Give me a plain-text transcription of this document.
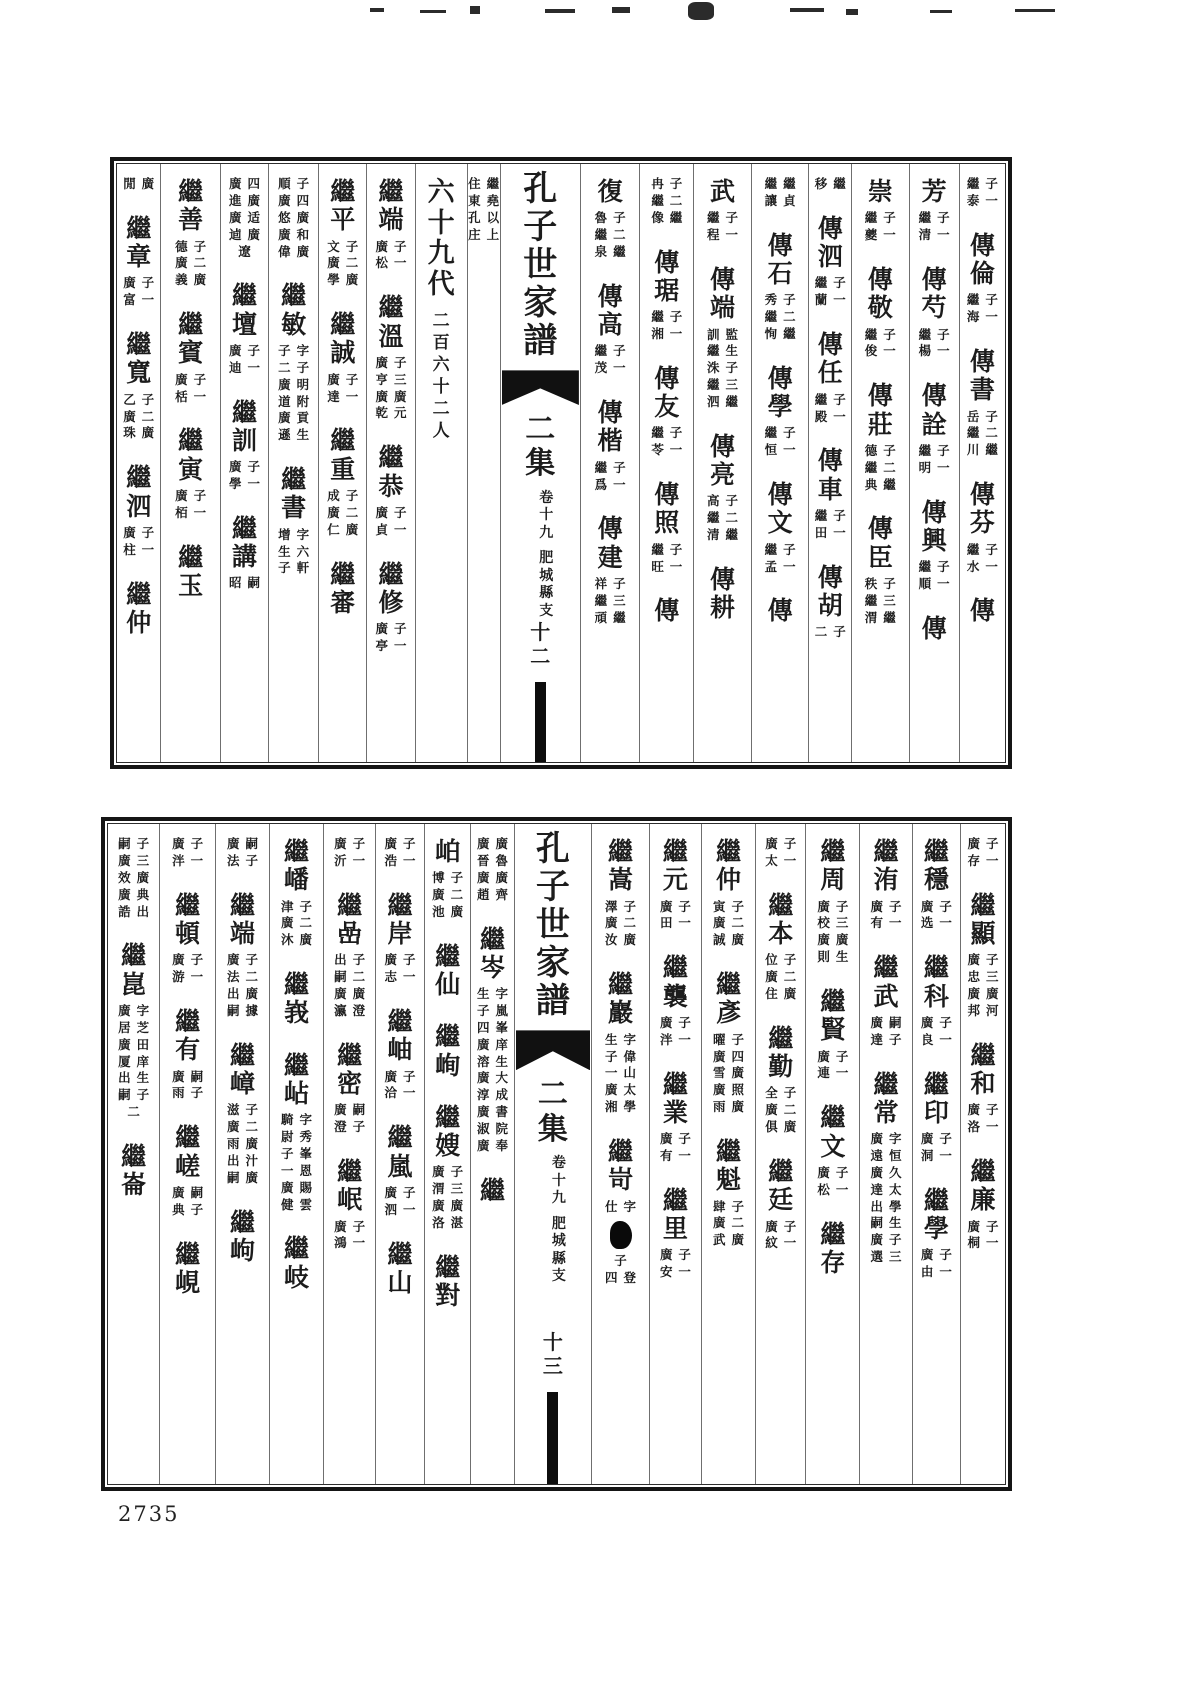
繼 子
泰 一
傳
倫
繼 子
海 一
傳
書
岳 子
繼 二
川 繼
傳
芬
繼 子
水 一
傳
芳
繼 子
清 一
傳
芍
繼 子
楊 一
傳
詮
繼 子
明 一
傳
興
繼 子
順 一
傳
崇
繼 子
夔 一
傳
敬
繼 子
俊 一
傳
莊
德 子
繼 二
典 繼
傳
臣
秩 子
繼 三
渭 繼
移 繼
傳
泗
繼 子
蘭 一
傳
任
繼 子
殿 一
傳
車
繼 子
田 一
傳
胡
二 子
繼 繼
讓 貞
傳
石
秀 子
繼 二
恂 繼
傳
學
繼 子
恒 一
傳
文
繼 子
孟 一
傳
武
繼 子
程 一
傳
端
訓 監
繼 生
洙 子
繼 三
泗 繼
傳
亮
高 子
繼 二
清 繼
傳
耕
冉 子
繼 二
像 繼
傳
琚
繼 子
湘 一
傳
友
繼 子
苓 一
傳
照
繼 子
旺 一
傳
復
魯 子
繼 二
泉 繼
傳
高
繼 子
茂 一
傳
楷
繼 子
爲 一
傳
建
祥 子
繼 三
頑 繼
孔
子
世
家
譜
二
集
卷
十
九
肥
城
縣
支
十
二
住 繼
東 堯
孔 以
庄 上
六
十
九
代
二
百
六
十
二
人
繼
端
廣 子
松 一
繼
溫
廣 子
亨 三
廣 廣
乾 元
繼
恭
廣 子
貞 一
繼
修
廣 子
亭 一
繼
平
文 子
廣 二
學 廣
繼
誠
廣 子
達 一
繼
重
成 子
廣 二
仁 廣
繼
審
順 子
廣 四
悠 廣
廣 和
偉 廣
繼
敏
子 字
二 子
廣 明
道 附
廣 貢
遜 生
繼
書
增 字
生 六
子 軒
廣 四
進 廣
廣 适
逌 廣
遼
繼
壇
廣 子
迪 一
繼
訓
廣 子
學 一
繼
講
昭 嗣
繼
善
德 子
廣 二
義 廣
繼
賓
廣 子
栝 一
繼
寅
廣 子
栢 一
繼
玉
閒 廣
繼
章
廣 子
富 一
繼
寬
乙 子
廣 二
珠 廣
繼
泗
廣 子
柱 一
繼
仲
廣 子
存 一
繼
顯
廣 子
忠 三
廣 廣
邦 河
繼
和
廣 子
洛 一
繼
廉
廣 子
桐 一
繼
穩
廣 子
选 一
繼
科
廣 子
良 一
繼
印
廣 子
洞 一
繼
學
廣 子
由 一
繼
洧
廣 子
有 一
繼
武
廣 嗣
達 子
繼
常
廣 字
遠 恒
廣 久
達 太
出 學
嗣 生
廣 子
選 三
繼
周
廣 子
校 三
廣 廣
則 生
繼
賢
廣 子
連 一
繼
文
廣 子
松 一
繼
存
廣 子
太 一
繼
本
位 子
廣 二
住 廣
繼
勤
全 子
廣 二
俱 廣
繼
廷
廣 子
紋 一
繼
仲
寅 子
廣 二
誠 廣
繼
彥
曜 子
廣 四
雪 廣
廣 照
雨 廣
繼
魁
肆 子
廣 二
武 廣
繼
元
廣 子
田 一
繼
襲
廣 子
泮 一
繼
業
廣 子
有 一
繼
里
廣 子
安 一
繼
嵩
澤 子
廣 二
汝 廣
繼
巖
生 字
子 偉
一 山
廣 太
湘 學
繼
岢
仕 字
子
四 登
孔
子
世
家
譜
二
集
卷
十
九
肥
城
縣
支
十
三
廣 廣
晉 魯
廣 廣
趙 齊
繼
岑
生 字
子 嵐
四 峯
廣 庠
溶 生
廣 大
淳 成
廣 書
淑 院
廣 奉
繼
岶
博 子
廣 二
池 廣
繼
仙
繼
峋
繼
嫂
廣 子
渭 三
廣 廣
洛 湛
繼
對
廣 子
浩 一
繼
岸
廣 子
志 一
繼
岫
廣 子
洽 一
繼
嵐
廣 子
泗 一
繼
山
廣 子
沂 一
繼
嵒
出 子
嗣 二
廣 廣
瀛 澄
繼
密
廣 嗣
澄 子
繼
岷
廣 子
鴻 一
繼
嶓
津 子
廣 二
沐 廣
繼
峩
繼
岾
騎 字
尉 秀
子 峯
一 恩
廣 賜
健 雲
繼
岐
廣 嗣
法 子
繼
端
廣 子
法 二
出 廣
嗣 據
繼
嶂
滋 子
廣 二
雨 廣
出 汁
嗣 廣
繼
岣
廣 子
泮 一
繼
頓
廣 子
游 一
繼
有
廣 嗣
雨 子
繼
嵯
廣 嗣
典 子
繼
峴
嗣 子
廣 三
效 廣
廣 典
誥 出
繼
崑
廣 字
居 芝
廣 田
厦 庠
出 生
嗣 子
二
繼
崙
2735
